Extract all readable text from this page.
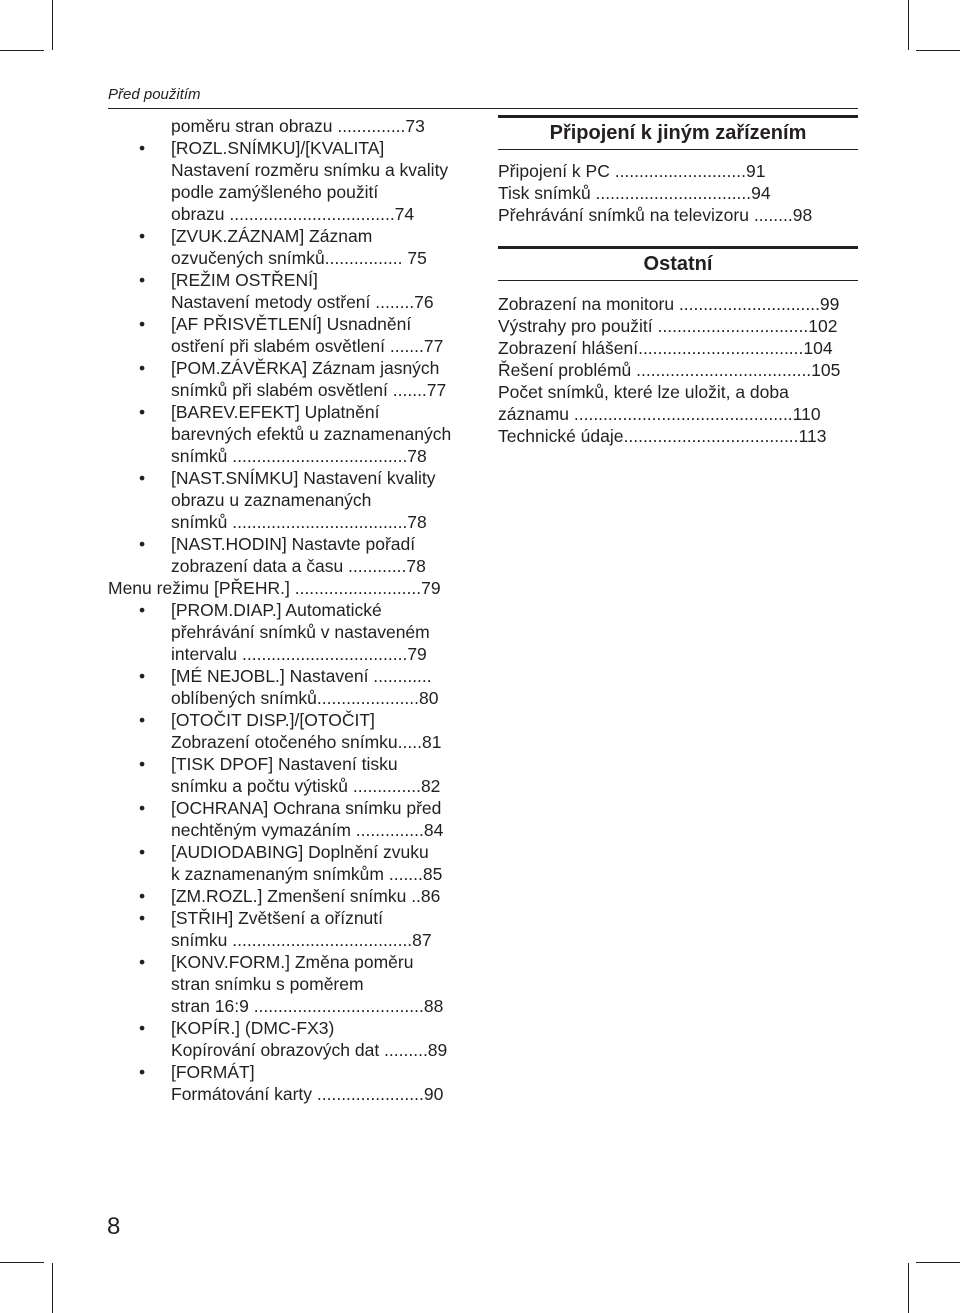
Před použitím
poměru stran obrazu ..............73
• [ROZL.SNÍMKU]/[KVALITA]
Nastavení rozměru snímku a kvality
podle zamýšleného použití
obrazu ..................................74
• [ZVUK.ZÁZNAM] Záznam
ozvučených snímků................ 75
• [REŽIM OSTŘENÍ]
Nastavení metody ostření ........76
• [AF PŘISVĚTLENÍ] Usnadnění
ostření při slabém osvětlení .......77
• [POM.ZÁVĚRKA] Záznam jasných
snímků při slabém osvětlení .......77
• [BAREV.EFEKT] Uplatnění
barevných efektů u zaznamenaných
snímků ....................................78
• [NAST.SNÍMKU] Nastavení kvality
obrazu u zaznamenaných
snímků ....................................78
• [NAST.HODIN] Nastavte pořadí
zobrazení data a času ............78
Menu režimu [PŘEHR.] ..........................79
• [PROM.DIAP.] Automatické
přehrávání snímků v nastaveném
intervalu ..................................79
• [MÉ NEJOBL.] Nastavení ............
oblíbených snímků.....................80
• [OTOČIT DISP.]/[OTOČIT]
Zobrazení otočeného snímku.....81
• [TISK DPOF] Nastavení tisku
snímku a počtu výtisků ..............82
• [OCHRANA] Ochrana snímku před
nechtěným vymazáním ..............84
• [AUDIODABING] Doplnění zvuku
k zaznamenaným snímkům .......85
• [ZM.ROZL.] Zmenšení snímku ..86
• [STŘIH] Zvětšení a oříznutí
snímku .....................................87
• [KONV.FORM.] Změna poměru
stran snímku s poměrem
stran 16:9 ...................................88
• [KOPÍR.] (DMC-FX3)
Kopírování obrazových dat .........89
• [FORMÁT]
Formátování karty ......................90
Připojení k jiným zařízením
Připojení k PC ...........................91
Tisk snímků ................................94
Přehrávání snímků na televizoru ........98
Ostatní
Zobrazení na monitoru .............................99
Výstrahy pro použití ...............................102
Zobrazení hlášení..................................104
Řešení problémů ....................................105
Počet snímků, které lze uložit, a doba
záznamu .............................................110
Technické údaje....................................113
8
